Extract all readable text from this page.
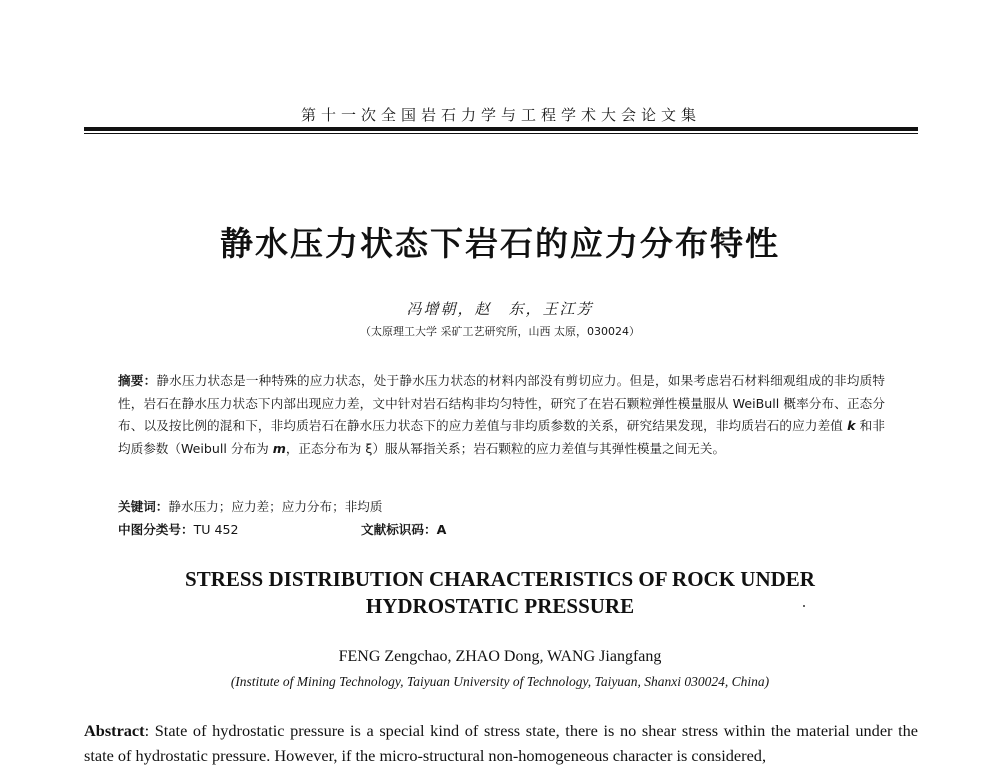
第十一次全国岩石力学与工程学术大会论文集
静水压力状态下岩石的应力分布特性
冯增朝，赵　东，王江芳
（太原理工大学 采矿工艺研究所，山西 太原，030024）
摘要：静水压力状态是一种特殊的应力状态，处于静水压力状态的材料内部没有剪切应力。但是，如果考虑岩石材料细观组成的非均质特性，岩石在静水压力状态下内部出现应力差，文中针对岩石结构非均匀特性，研究了在岩石颗粒弹性模量服从 WeiBull 概率分布、正态分布、以及按比例的混和下，非均质岩石在静水压力状态下的应力差值与非均质参数的关系，研究结果发现，非均质岩石的应力差值 k 和非均质参数（Weibull 分布为 m，正态分布为 ξ）服从幂指关系；岩石颗粒的应力差值与其弹性模量之间无关。
关键词：静水压力；应力差；应力分布；非均质
中图分类号：TU 452	文献标识码：A
STRESS DISTRIBUTION CHARACTERISTICS OF ROCK UNDER
HYDROSTATIC PRESSURE
FENG Zengchao, ZHAO Dong, WANG Jiangfang
(Institute of Mining Technology, Taiyuan University of Technology, Taiyuan, Shanxi 030024, China)
Abstract: State of hydrostatic pressure is a special kind of stress state, there is no shear stress within the material under the state of hydrostatic pressure. However, if the micro-structural non-homogeneous character is considered,
